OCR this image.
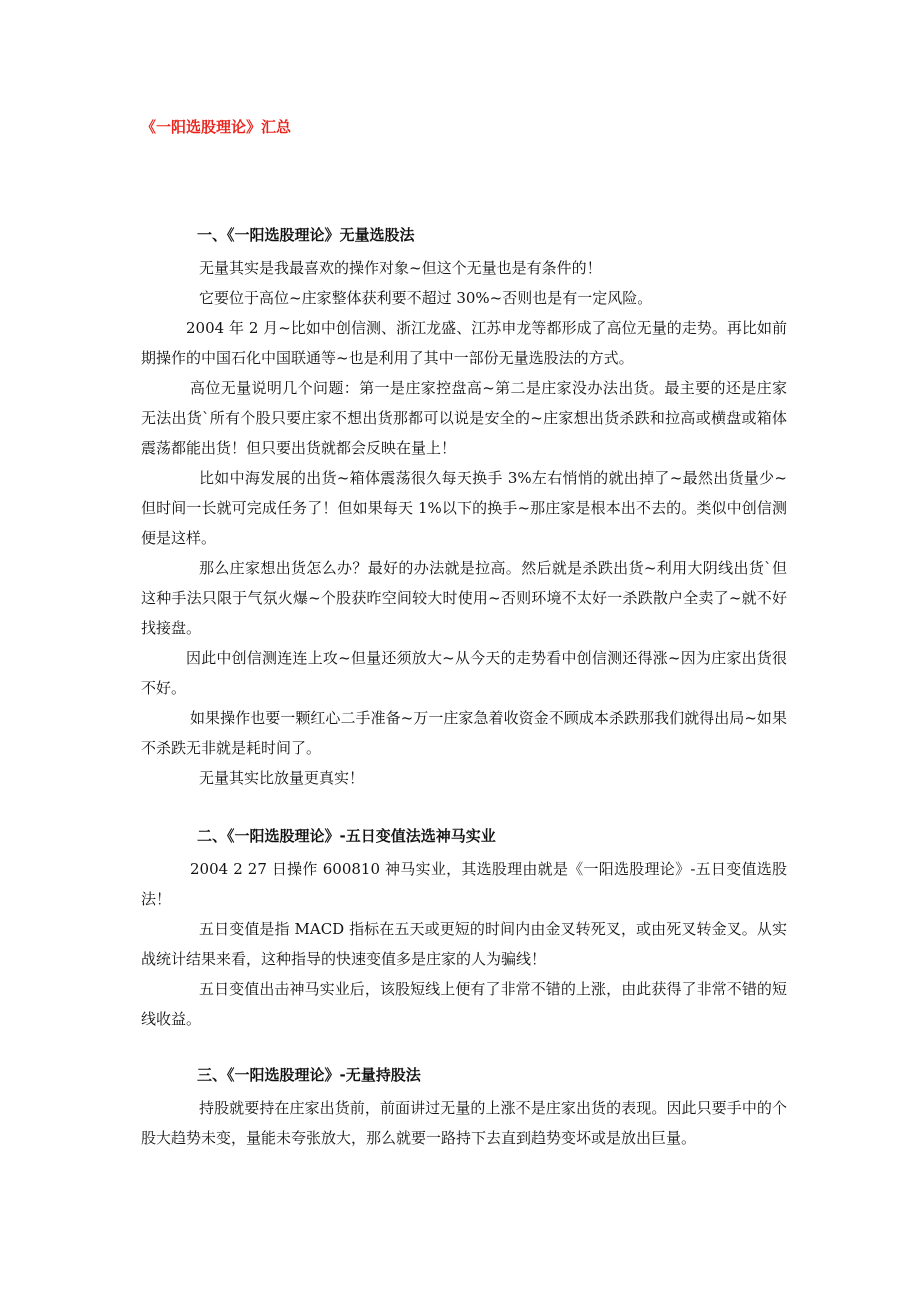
《一阳选股理论》汇总
一、《一阳选股理论》无量选股法

无量其实是我最喜欢的操作对象~但这个无量也是有条件的！

它要位于高位~庄家整体获利要不超过 30%~否则也是有一定风险。

2004 年 2 月~比如中创信测、浙江龙盛、江苏申龙等都形成了高位无量的走势。再比如前期操作的中国石化中国联通等~也是利用了其中一部份无量选股法的方式。

高位无量说明几个问题：第一是庄家控盘高~第二是庄家没办法出货。最主要的还是庄家无法出货`所有个股只要庄家不想出货那都可以说是安全的~庄家想出货杀跌和拉高或横盘或箱体震荡都能出货！但只要出货就都会反映在量上！

比如中海发展的出货~箱体震荡很久每天换手 3%左右悄悄的就出掉了~最然出货量少~但时间一长就可完成任务了！但如果每天 1%以下的换手~那庄家是根本出不去的。类似中创信测便是这样。

那么庄家想出货怎么办？最好的办法就是拉高。然后就是杀跌出货~利用大阴线出货`但这种手法只限于气氛火爆~个股获昨空间较大时使用~否则环境不太好一杀跌散户全卖了~就不好找接盘。

因此中创信测连连上攻~但量还须放大~从今天的走势看中创信测还得涨~因为庄家出货很不好。

如果操作也要一颗红心二手准备~万一庄家急着收资金不顾成本杀跌那我们就得出局~如果不杀跌无非就是耗时间了。

无量其实比放量更真实！

二、《一阳选股理论》-五日变值法选神马实业

2004 2 27 日操作 600810 神马实业，其选股理由就是《一阳选股理论》-五日变值选股法！

五日变值是指 MACD 指标在五天或更短的时间内由金叉转死叉，或由死叉转金叉。从实战统计结果来看，这种指导的快速变值多是庄家的人为骗线！

五日变值出击神马实业后，该股短线上便有了非常不错的上涨，由此获得了非常不错的短线收益。

三、《一阳选股理论》-无量持股法

持股就要持在庄家出货前，前面讲过无量的上涨不是庄家出货的表现。因此只要手中的个股大趋势未变，量能未夸张放大，那么就要一路持下去直到趋势变坏或是放出巨量。
